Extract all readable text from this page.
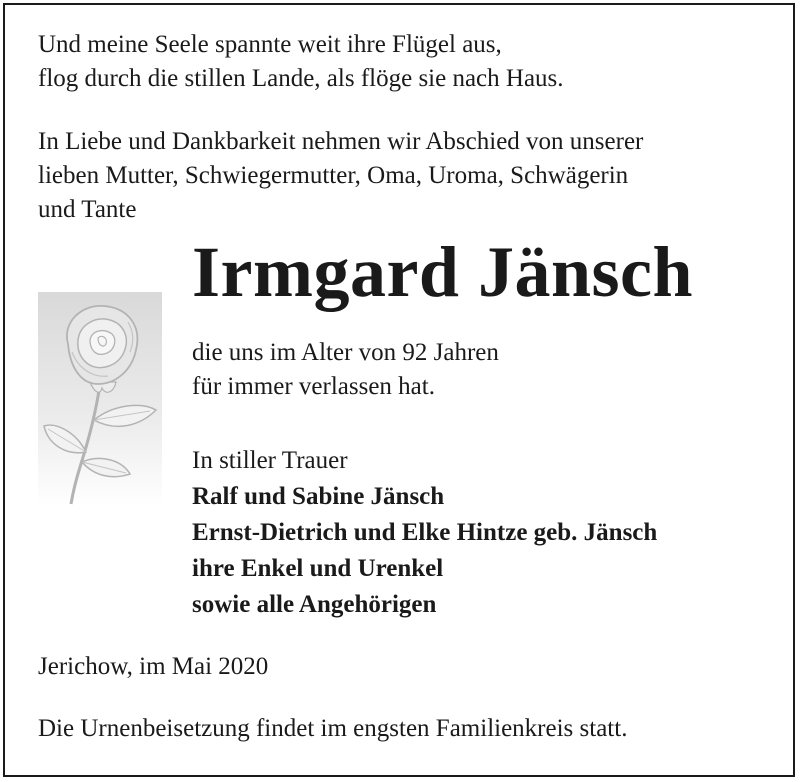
Und meine Seele spannte weit ihre Flügel aus,
flog durch die stillen Lande, als flöge sie nach Haus.
In Liebe und Dankbarkeit nehmen wir Abschied von unserer
lieben Mutter, Schwiegermutter, Oma, Uroma, Schwägerin
und Tante
Irmgard Jänsch
die uns im Alter von 92 Jahren
für immer verlassen hat.
In stiller Trauer
Ralf und Sabine Jänsch
Ernst-Dietrich und Elke Hintze geb. Jänsch
ihre Enkel und Urenkel
sowie alle Angehörigen
Jerichow, im Mai 2020
Die Urnenbeisetzung findet im engsten Familienkreis statt.
